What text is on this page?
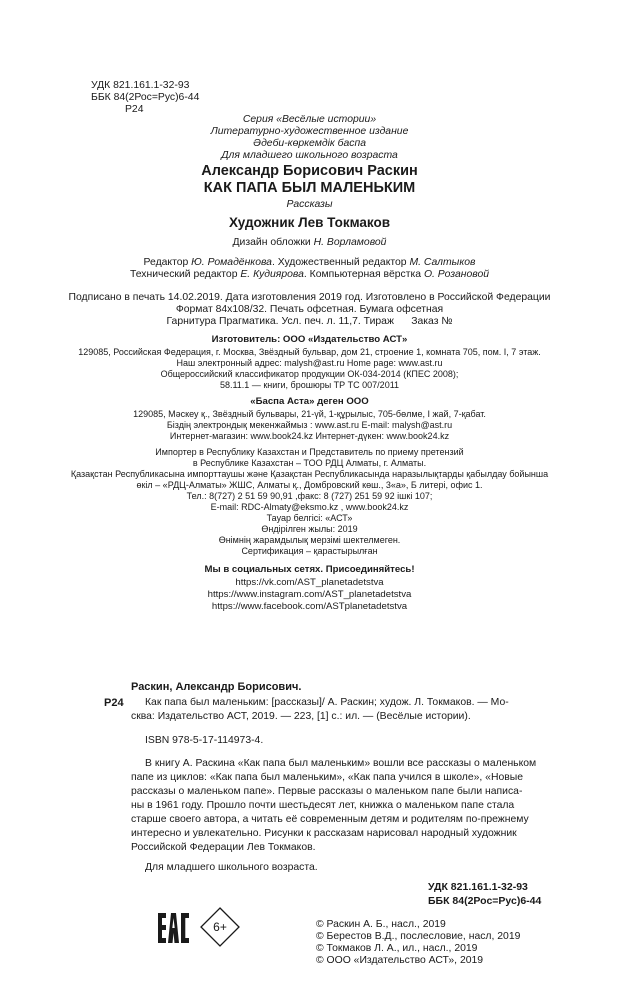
УДК 821.161.1-32-93
ББК 84(2Рос=Рус)6-44
Р24
Серия «Весёлые истории»
Литературно-художественное издание
Әдеби-көркемдік баспа
Для младшего школьного возраста
Александр Борисович Раскин
КАК ПАПА БЫЛ МАЛЕНЬКИМ
Рассказы
Художник Лев Токмаков
Дизайн обложки Н. Ворламовой
Редактор Ю. Ромадёнкова. Художественный редактор М. Салтыков
Технический редактор Е. Кудиярова. Компьютерная вёрстка О. Розановой
Подписано в печать 14.02.2019. Дата изготовления 2019 год. Изготовлено в Российской Федерации
Формат 84x108/32. Печать офсетная. Бумага офсетная
Гарнитура Прагматика. Усл. печ. л. 11,7. Тираж      Заказ №
Изготовитель: ООО «Издательство АСТ»
129085, Российская Федерация, г. Москва, Звёздный бульвар, дом 21, строение 1, комната 705, пом. I, 7 этаж.
Наш электронный адрес: malysh@ast.ru Home page: www.ast.ru
Общероссийский классификатор продукции ОК-034-2014 (КПЕС 2008);
58.11.1 — книги, брошюры ТР ТС 007/2011
«Баспа Аста» деген ООО
129085, Мәскеу қ., Звёздный бульвары, 21-үй, 1-құрылыс, 705-бөлме, I жай, 7-қабат.
Біздің электрондық мекенжаймыз : www.ast.ru E-mail: malysh@ast.ru
Интернет-магазин: www.book24.kz Интернет-дүкен: www.book24.kz
Импортер в Республику Казахстан и Представитель по приему претензий
в Республике Казахстан – ТОО РДЦ Алматы, г. Алматы.
Қазақстан Республикасына импорттаушы және Қазақстан Республикасында наразылықтарды қабылдау бойынша
өкіл – «РДЦ-Алматы» ЖШС, Алматы қ., Домбровский көш., 3«а», Б литері, офис 1.
Тел.: 8(727) 2 51 59 90,91 ,факс: 8 (727) 251 59 92 ішкі 107;
E-mail: RDC-Almaty@eksmo.kz , www.book24.kz
Тауар белгісі: «АСТ»
Өндірілген жылы: 2019
Өнімнің жарамдылық мерзімі шектелмеген.
Сертификация – қарастырылған
Мы в социальных сетях. Присоединяйтесь!
https://vk.com/AST_planetadetstva
https://www.instagram.com/AST_planetadetstva
https://www.facebook.com/ASTplanetadetstva
Раскин, Александр Борисович.
Р24 Как папа был маленьким: [рассказы]/ А. Раскин; худож. Л. Токмаков. — Мо-
сква: Издательство АСТ, 2019. — 223, [1] с.: ил. — (Весёлые истории).
ISBN 978-5-17-114973-4.
В книгу А. Раскина «Как папа был маленьким» вошли все рассказы о маленьком
папе из циклов: «Как папа был маленьким», «Как папа учился в школе», «Новые
рассказы о маленьком папе». Первые рассказы о маленьком папе были написа-
ны в 1961 году. Прошло почти шестьдесят лет, книжка о маленьком папе стала
старше своего автора, а читать её современным детям и родителям по-прежнему
интересно и увлекательно. Рисунки к рассказам нарисовал народный художник
Российской Федерации Лев Токмаков.
Для младшего школьного возраста.
УДК 821.161.1-32-93
ББК 84(2Рос=Рус)6-44
6+	© Раскин А. Б., насл., 2019
© Берестов В.Д., послесловие, насл, 2019
© Токмаков Л. А., ил., насл., 2019
© ООО «Издательство АСТ», 2019
